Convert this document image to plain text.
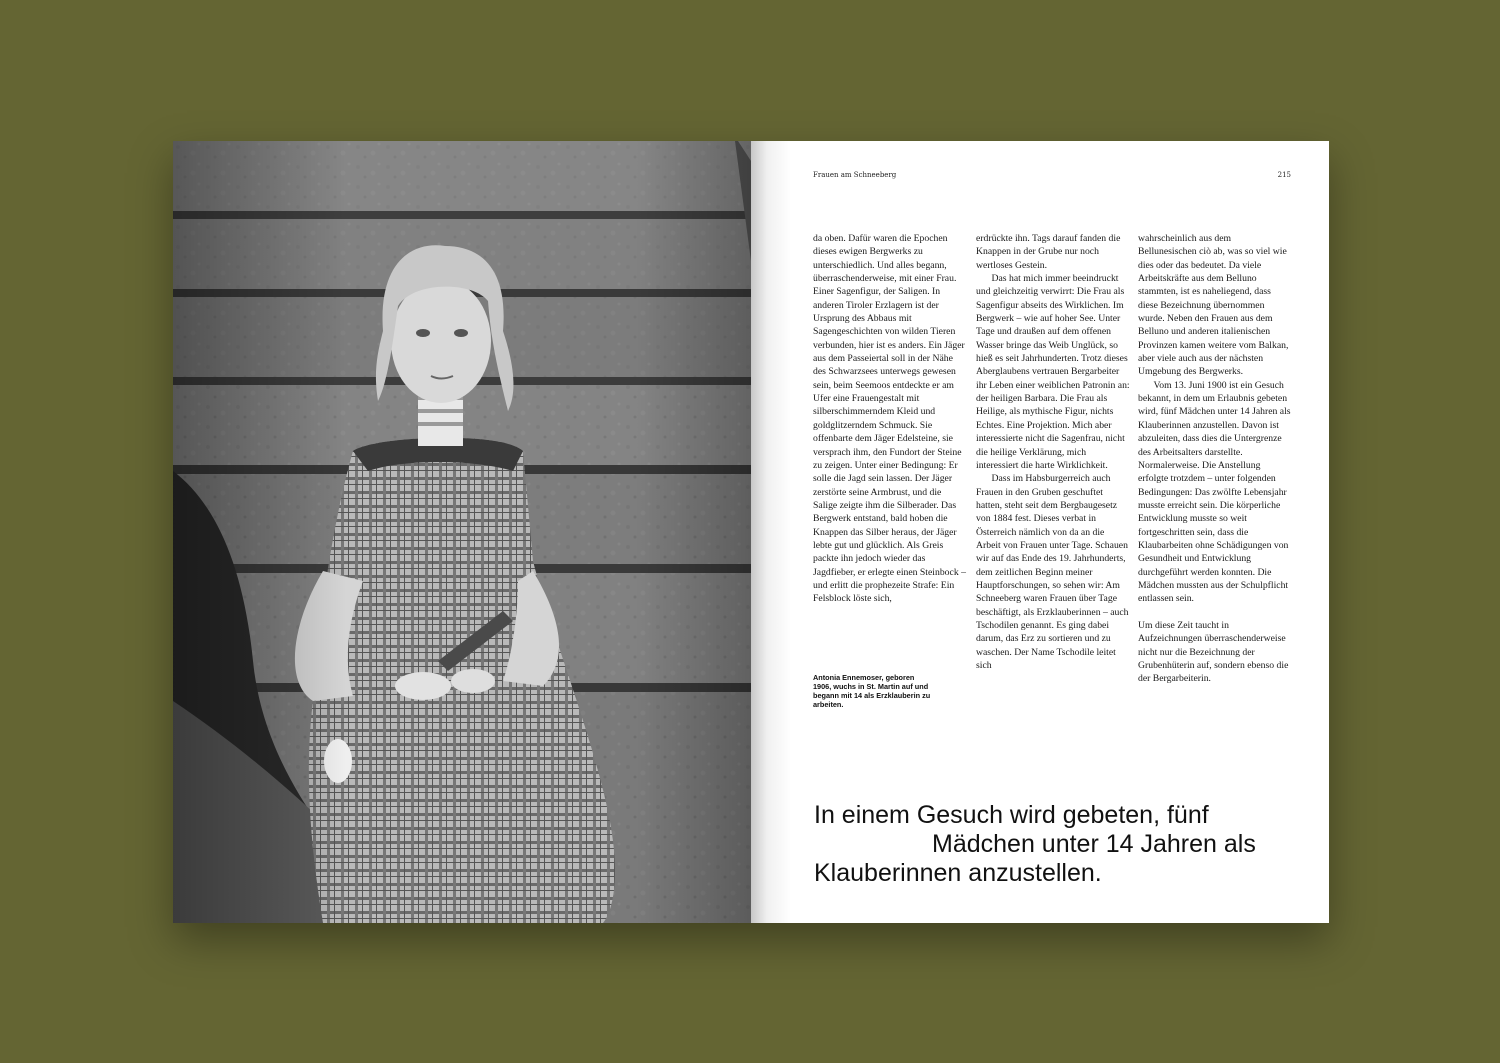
Frauen am Schneeberg	215

da oben. Dafür waren die Epochen dieses ewigen Bergwerks zu unterschiedlich. Und alles begann, überraschenderweise, mit einer Frau. Einer Sagenfigur, der Saligen. In anderen Tiroler Erzlagern ist der Ursprung des Abbaus mit Sagengeschichten von wilden Tieren verbunden, hier ist es anders. Ein Jäger aus dem Passeiertal soll in der Nähe des Schwarzsees unterwegs gewesen sein, beim Seemoos entdeckte er am Ufer eine Frauengestalt mit silberschimmerndem Kleid und goldglitzerndem Schmuck. Sie offenbarte dem Jäger Edelsteine, sie versprach ihm, den Fundort der Steine zu zeigen. Unter einer Bedingung: Er solle die Jagd sein lassen. Der Jäger zerstörte seine Armbrust, und die Salige zeigte ihm die Silberader. Das Bergwerk entstand, bald hoben die Knappen das Silber heraus, der Jäger lebte gut und glücklich. Als Greis packte ihn jedoch wieder das Jagdfieber, er erlegte einen Steinbock – und erlitt die prophezeite Strafe: Ein Felsblock löste sich,

Antonia Ennemoser, geboren 1906, wuchs in St. Martin auf und begann mit 14 als Erzklauberin zu arbeiten.

erdrückte ihn. Tags darauf fanden die Knappen in der Grube nur noch wertloses Gestein.

Das hat mich immer beeindruckt und gleichzeitig verwirrt: Die Frau als Sagenfigur abseits des Wirklichen. Im Bergwerk – wie auf hoher See. Unter Tage und draußen auf dem offenen Wasser bringe das Weib Unglück, so hieß es seit Jahrhunderten. Trotz dieses Aberglaubens vertrauen Bergarbeiter ihr Leben einer weiblichen Patronin an: der heiligen Barbara. Die Frau als Heilige, als mythische Figur, nichts Echtes. Eine Projektion. Mich aber interessierte nicht die Sagenfrau, nicht die heilige Verklärung, mich interessiert die harte Wirklichkeit.

Dass im Habsburgerreich auch Frauen in den Gruben geschuftet hatten, steht seit dem Bergbaugesetz von 1884 fest. Dieses verbat in Österreich nämlich von da an die Arbeit von Frauen unter Tage. Schauen wir auf das Ende des 19. Jahrhunderts, dem zeitlichen Beginn meiner Hauptforschungen, so sehen wir: Am Schneeberg waren Frauen über Tage beschäftigt, als Erzklauberinnen – auch Tschodilen genannt. Es ging dabei darum, das Erz zu sortieren und zu waschen. Der Name Tschodile leitet sich

wahrscheinlich aus dem Bellunesischen ciò ab, was so viel wie dies oder das bedeutet. Da viele Arbeitskräfte aus dem Belluno stammten, ist es naheliegend, dass diese Bezeichnung übernommen wurde. Neben den Frauen aus dem Belluno und anderen italienischen Provinzen kamen weitere vom Balkan, aber viele auch aus der nächsten Umgebung des Bergwerks.

Vom 13. Juni 1900 ist ein Gesuch bekannt, in dem um Erlaubnis gebeten wird, fünf Mädchen unter 14 Jahren als Klauberinnen anzustellen. Davon ist abzuleiten, dass dies die Untergrenze des Arbeitsalters darstellte. Normalerweise. Die Anstellung erfolgte trotzdem – unter folgenden Bedingungen: Das zwölfte Lebensjahr musste erreicht sein. Die körperliche Entwicklung musste so weit fortgeschritten sein, dass die Klaubarbeiten ohne Schädigungen von Gesundheit und Entwicklung durchgeführt werden konnten. Die Mädchen mussten aus der Schulpflicht entlassen sein.

Um diese Zeit taucht in Aufzeichnungen überraschenderweise nicht nur die Bezeichnung der Grubenhüterin auf, sondern ebenso die der Bergarbeiterin.

In einem Gesuch wird gebeten, fünf
Mädchen unter 14 Jahren als
Klauberinnen anzustellen.
